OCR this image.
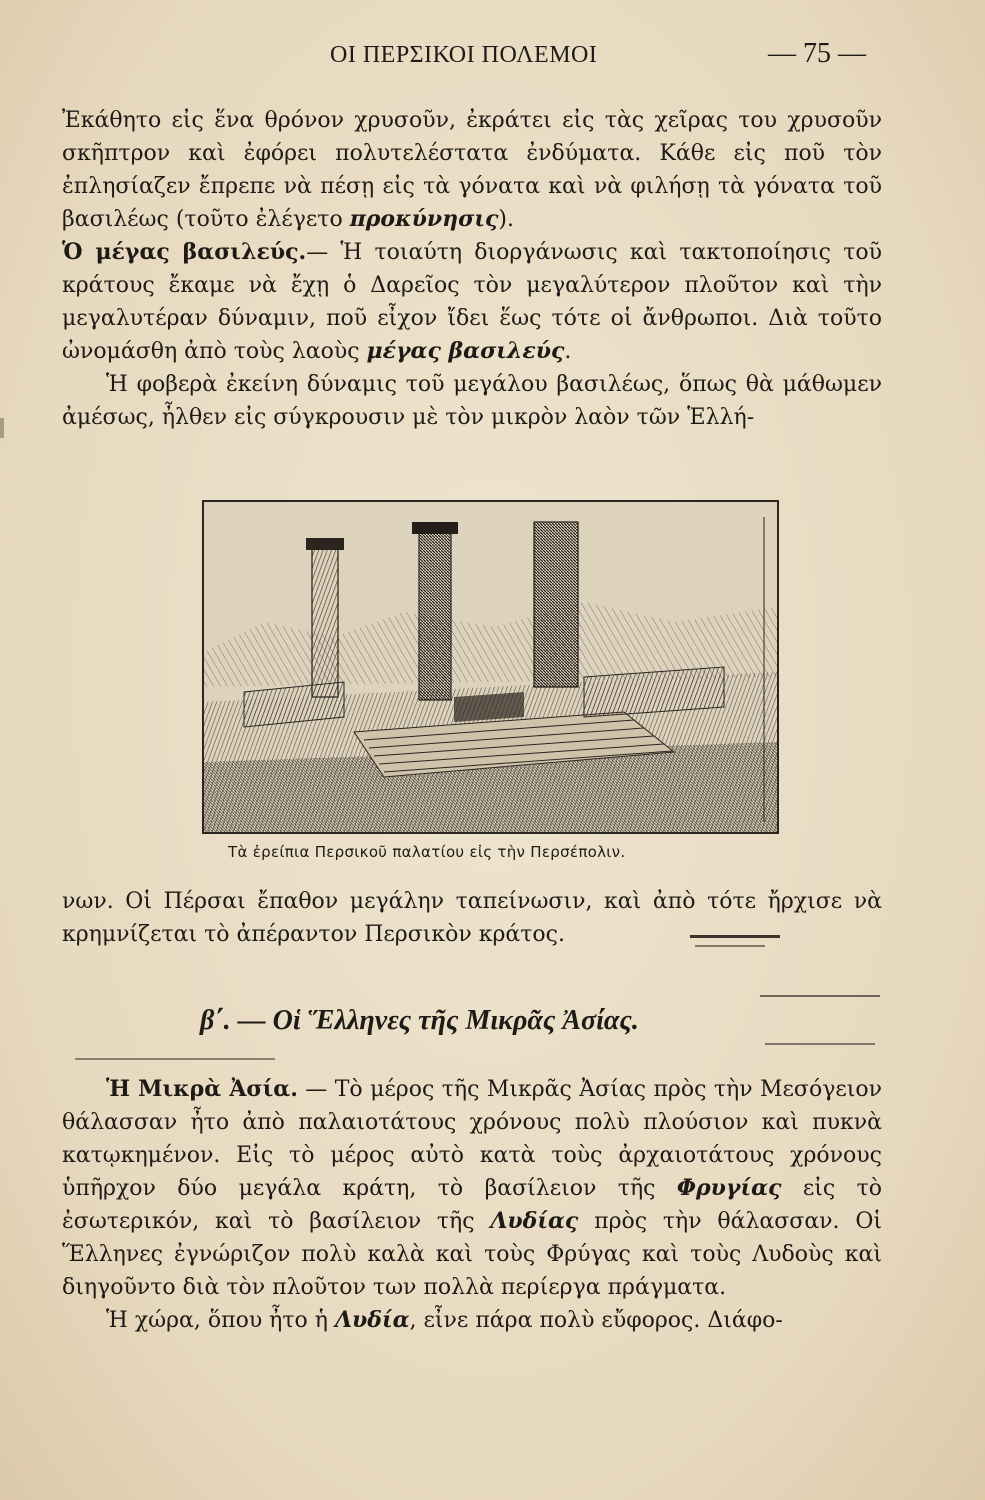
ΟΙ ΠΕΡΣΙΚΟΙ ΠΟΛΕΜΟΙ	— 75 —

Ἐκάθητο εἰς ἕνα θρόνον χρυσοῦν, ἐκράτει εἰς τὰς χεῖρας του χρυσοῦν σκῆπτρον καὶ ἐφόρει πολυτελέστατα ἐνδύματα. Κάθε εἰς ποῦ τὸν ἐπλησίαζεν ἔπρεπε νὰ πέσῃ εἰς τὰ γόνατα καὶ νὰ φιλήσῃ τὰ γόνατα τοῦ βασιλέως (τοῦτο ἐλέγετο προκύνησις).

Ὁ μέγας βασιλεύς.— Ἡ τοιαύτη διοργάνωσις καὶ τακτοποίησις τοῦ κράτους ἔκαμε νὰ ἔχῃ ὁ Δαρεῖος τὸν μεγαλύτερον πλοῦτον καὶ τὴν μεγαλυτέραν δύναμιν, ποῦ εἶχον ἴδει ἕως τότε οἱ ἄνθρωποι. Διὰ τοῦτο ὠνομάσθη ἀπὸ τοὺς λαοὺς μέγας βασιλεύς.

Ἡ φοβερὰ ἐκείνη δύναμις τοῦ μεγάλου βασιλέως, ὅπως θὰ μάθωμεν ἀμέσως, ἦλθεν εἰς σύγκρουσιν μὲ τὸν μικρὸν λαὸν τῶν Ἑλλή-

Τὰ ἐρείπια Περσικοῦ παλατίου εἰς τὴν Περσέπολιν.

νων. Οἱ Πέρσαι ἔπαθον μεγάλην ταπείνωσιν, καὶ ἀπὸ τότε ἤρχισε νὰ κρημνίζεται τὸ ἀπέραντον Περσικὸν κράτος.

β΄. — Οἱ Ἕλληνες τῆς Μικρᾶς Ἀσίας.

Ἡ Μικρὰ Ἀσία. — Τὸ μέρος τῆς Μικρᾶς Ἀσίας πρὸς τὴν Μεσόγειον θάλασσαν ἦτο ἀπὸ παλαιοτάτους χρόνους πολὺ πλούσιον καὶ πυκνὰ κατῳκημένον. Εἰς τὸ μέρος αὐτὸ κατὰ τοὺς ἀρχαιοτάτους χρόνους ὑπῆρχον δύο μεγάλα κράτη, τὸ βασίλειον τῆς Φρυγίας εἰς τὸ ἐσωτερικόν, καὶ τὸ βασίλειον τῆς Λυδίας πρὸς τὴν θάλασσαν. Οἱ Ἕλληνες ἐγνώριζον πολὺ καλὰ καὶ τοὺς Φρύγας καὶ τοὺς Λυδοὺς καὶ διηγοῦντο διὰ τὸν πλοῦτον των πολλὰ περίεργα πράγματα.

Ἡ χώρα, ὅπου ἦτο ἡ Λυδία, εἶνε πάρα πολὺ εὔφορος. Διάφο-
